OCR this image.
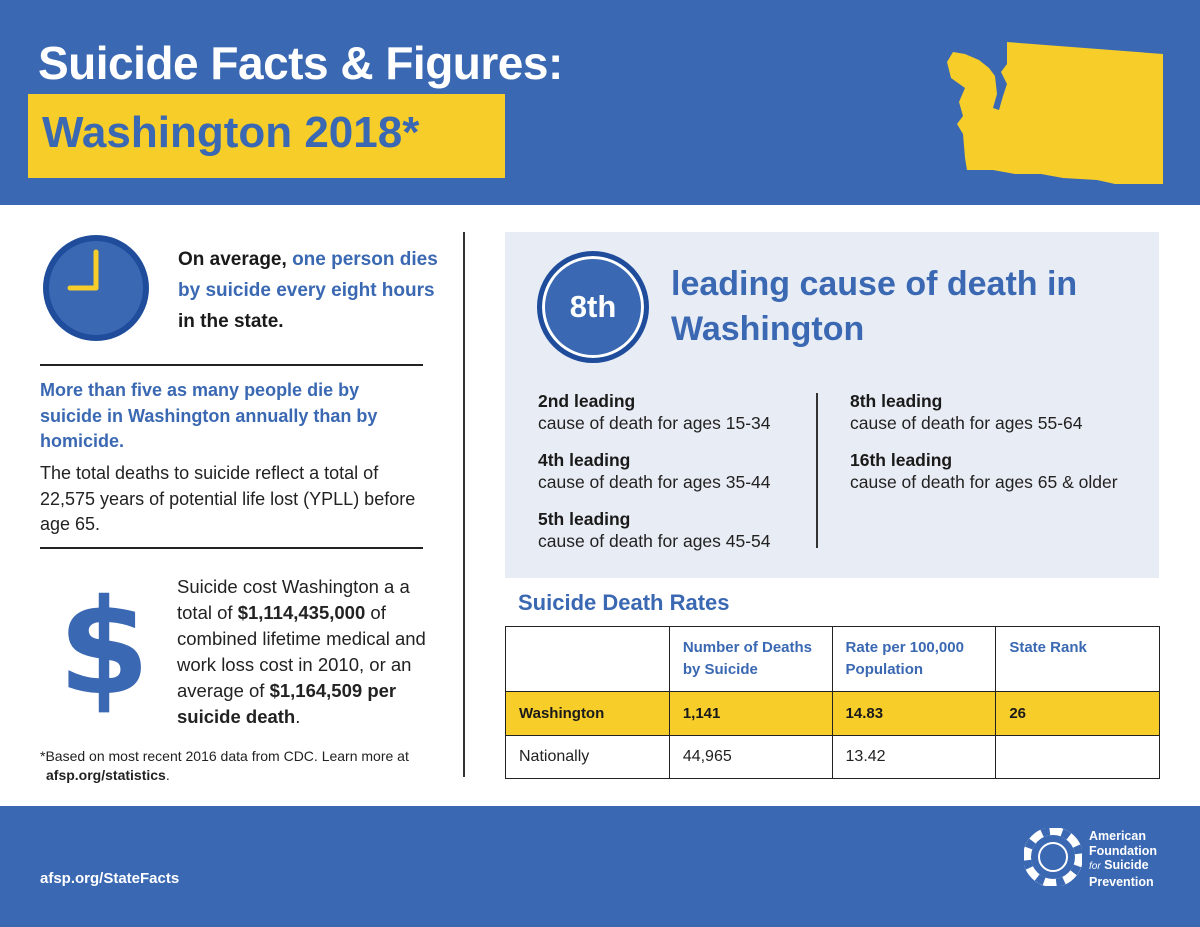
Suicide Facts & Figures:
Washington 2018*
On average, one person dies by suicide every eight hours in the state.
More than five as many people die by suicide in Washington annually than by homicide.
The total deaths to suicide reflect a total of 22,575 years of potential life lost (YPLL) before age 65.
$ Suicide cost Washington a a total of $1,114,435,000 of combined lifetime medical and work loss cost in 2010, or an average of $1,164,509 per suicide death.
*Based on most recent 2016 data from CDC. Learn more at
afsp.org/statistics.
8th
leading cause of death in Washington
2nd leading
cause of death for ages 15-34
4th leading
cause of death for ages 35-44
5th leading
cause of death for ages 45-54
8th leading
cause of death for ages 55-64
16th leading
cause of death for ages 65 & older
Suicide Death Rates
	Number of Deaths by Suicide	Rate per 100,000 Population	State Rank
Washington	1,141	14.83	26
Nationally	44,965	13.42	
afsp.org/StateFacts
American
Foundation
for Suicide
Prevention
